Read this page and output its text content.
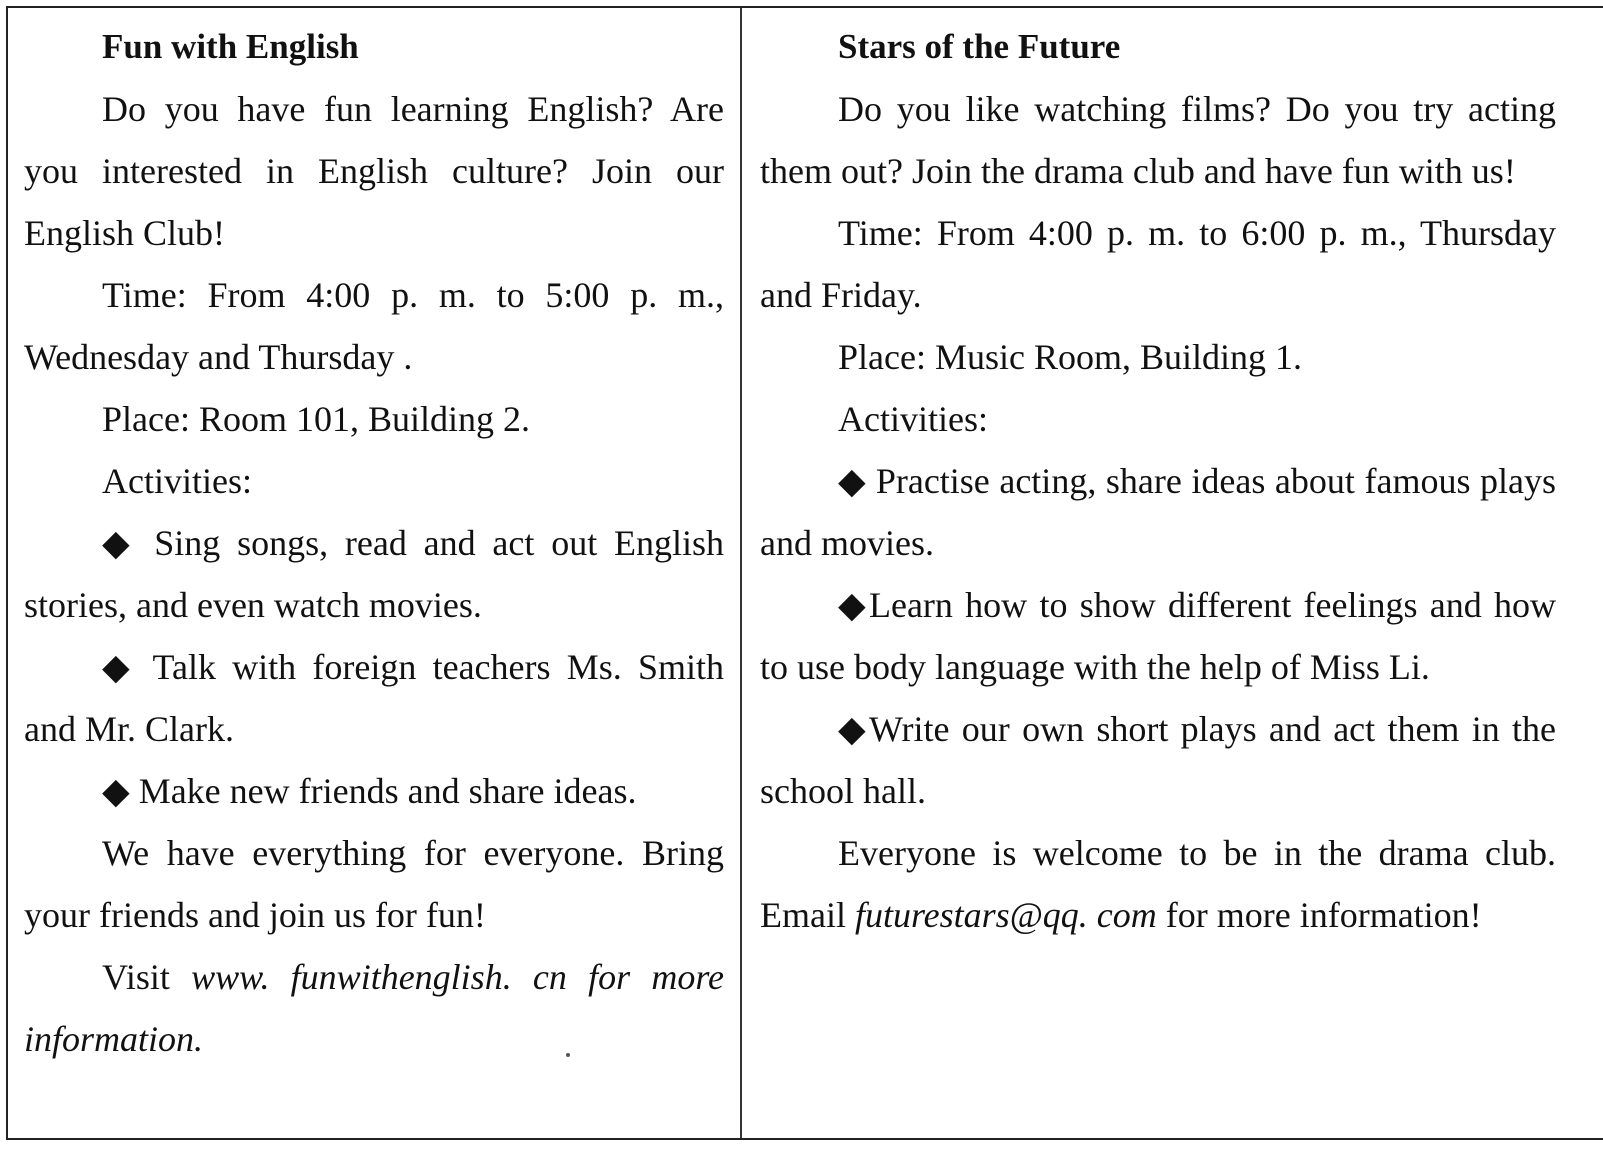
Fun with English

Do you have fun learning English? Are you interested in English culture? Join our English Club!

Time: From 4:00 p. m. to 5:00 p. m., Wednesday and Thursday .

Place: Room 101, Building 2.

Activities:

◆ Sing songs, read and act out English stories, and even watch movies.

◆ Talk with foreign teachers Ms. Smith and Mr. Clark.

◆ Make new friends and share ideas.

We have everything for everyone. Bring your friends and join us for fun!

Visit www. funwithenglish. cn for more information.

Stars of the Future

Do you like watching films? Do you try acting them out? Join the drama club and have fun with us!

Time: From 4:00 p. m. to 6:00 p. m., Thursday and Friday.

Place: Music Room, Building 1.

Activities:

◆ Practise acting, share ideas about famous plays and movies.

◆Learn how to show different feelings and how to use body language with the help of Miss Li.

◆Write our own short plays and act them in the school hall.

Everyone is welcome to be in the drama club. Email futurestars@qq. com for more information!
